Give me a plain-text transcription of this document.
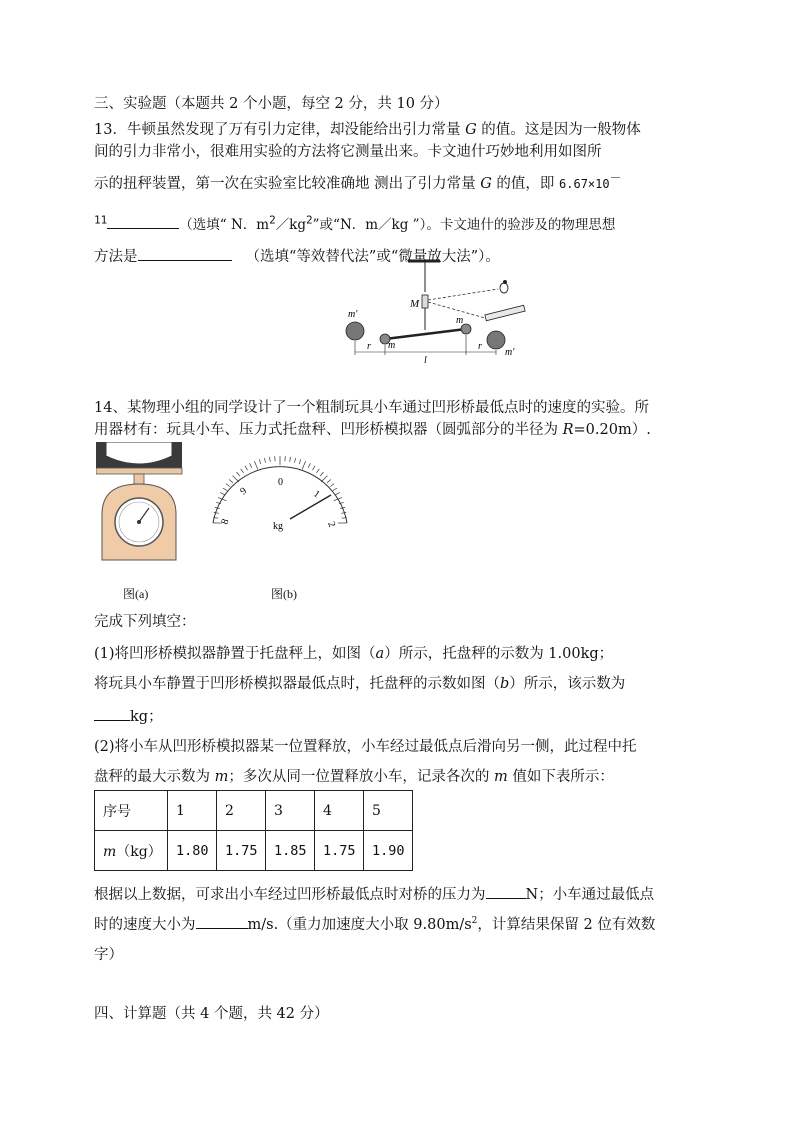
三、实验题（本题共 2 个小题，每空 2 分，共 10 分）
13．牛顿虽然发现了万有引力定律，却没能给出引力常量 G 的值。这是因为一般物体
间的引力非常小，很难用实验的方法将它测量出来。卡文迪什巧妙地利用如图所
示的扭秤装置，第一次在实验室比较准确地 测出了引力常量 G 的值，即 6.67×10－
$^{11}$	（选填“ N．$m^2/kg^2$”或“N．m／kg ”）。卡文迪什的验涉及的物理思想
方法是	（选填“等效替代法”或“微量放大法”）。
M
m′
m
m
m′
r
l
r
14、某物理小组的同学设计了一个粗制玩具小车通过凹形桥最低点时的速度的实验。所
用器材有：玩具小车、压力式托盘秤、凹形桥模拟器（圆弧部分的半径为 R=0.20m）.
图(a)
0
1
2
9
8	kg
图(b)
完成下列填空：
(1)将凹形桥模拟器静置于托盘秤上，如图（a）所示，托盘秤的示数为 1.00kg；
将玩具小车静置于凹形桥模拟器最低点时，托盘秤的示数如图（b）所示，该示数为
kg；
(2)将小车从凹形桥模拟器某一位置释放，小车经过最低点后滑向另一侧，此过程中托
盘秤的最大示数为 m；多次从同一位置释放小车，记录各次的 m 值如下表所示：
序号	1	2	3	4	5
m（kg）	1.80	1.75	1.85	1.75	1.90
根据以上数据，可求出小车经过凹形桥最低点时对桥的压力为	N；小车通过最低点
时的速度大小为	m/s.（重力加速度大小取 $9.80m/s^2$，计算结果保留 2 位有效数
字）
四、计算题（共 4 个题，共 42 分）
